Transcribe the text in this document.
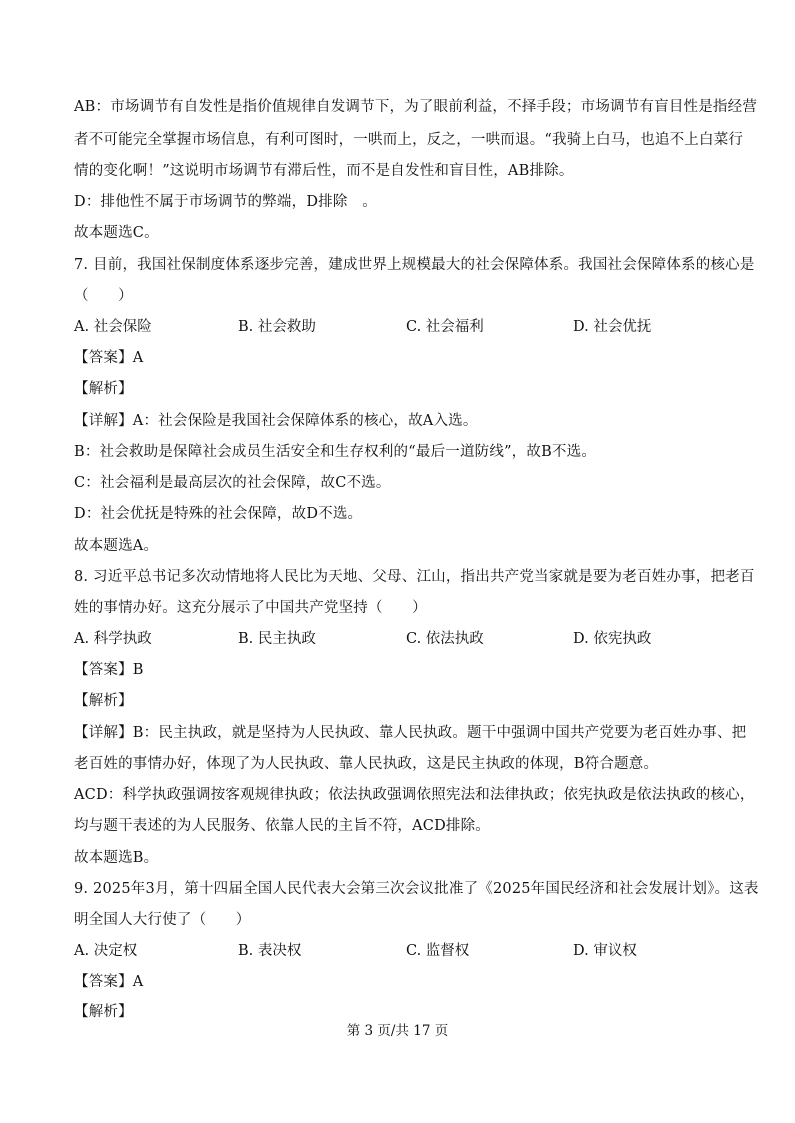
AB：市场调节有自发性是指价值规律自发调节下，为了眼前利益，不择手段；市场调节有盲目性是指经营
者不可能完全掌握市场信息，有利可图时，一哄而上，反之，一哄而退。“我骑上白马，也追不上白菜行
情的变化啊！”这说明市场调节有滞后性，而不是自发性和盲目性，AB排除。
D：排他性不属于市场调节的弊端，D排除　。
故本题选C。
7. 目前，我国社保制度体系逐步完善，建成世界上规模最大的社会保障体系。我国社会保障体系的核心是
（　　）
A. 社会保险	B. 社会救助	C. 社会福利	D. 社会优抚
【答案】A
【解析】
【详解】A：社会保险是我国社会保障体系的核心，故A入选。
B：社会救助是保障社会成员生活安全和生存权利的“最后一道防线”，故B不选。
C：社会福利是最高层次的社会保障，故C不选。
D：社会优抚是特殊的社会保障，故D不选。
故本题选A。
8. 习近平总书记多次动情地将人民比为天地、父母、江山，指出共产党当家就是要为老百姓办事，把老百
姓的事情办好。这充分展示了中国共产党坚持（　　）
A. 科学执政	B. 民主执政	C. 依法执政	D. 依宪执政
【答案】B
【解析】
【详解】B：民主执政，就是坚持为人民执政、靠人民执政。题干中强调中国共产党要为老百姓办事、把
老百姓的事情办好，体现了为人民执政、靠人民执政，这是民主执政的体现，B符合题意。
ACD：科学执政强调按客观规律执政；依法执政强调依照宪法和法律执政；依宪执政是依法执政的核心，
均与题干表述的为人民服务、依靠人民的主旨不符，ACD排除。
故本题选B。
9. 2025年3月，第十四届全国人民代表大会第三次会议批准了《2025年国民经济和社会发展计划》。这表
明全国人大行使了（　　）
A. 决定权	B. 表决权	C. 监督权	D. 审议权
【答案】A
【解析】
第 3 页/共 17 页
